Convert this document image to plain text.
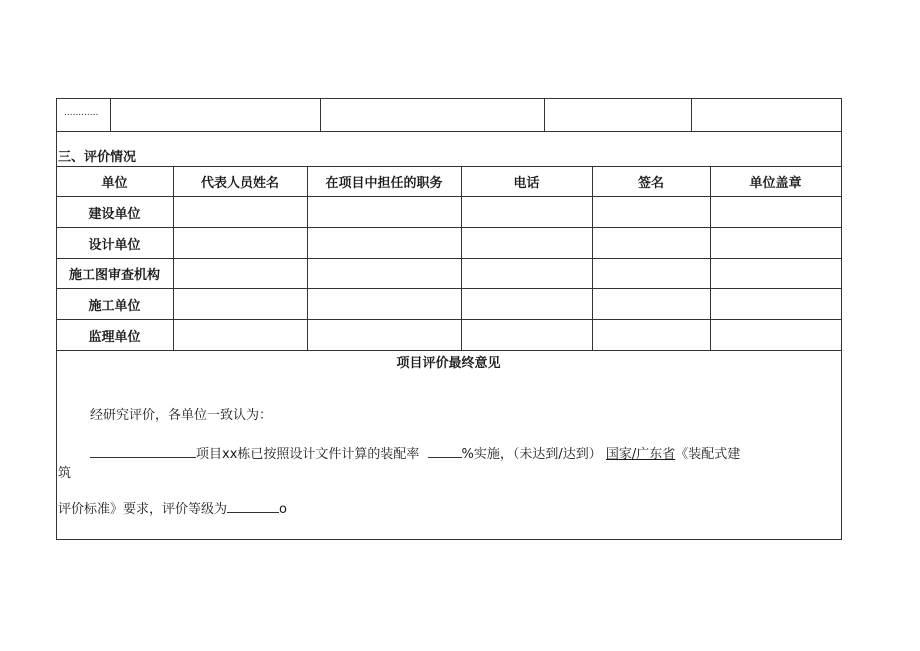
............
三、评价情况
单位	代表人员姓名	在项目中担任的职务	电话	签名	单位盖章
建设单位
设计单位
施工图审查机构
施工单位
监理单位
项目评价最终意见
经研究评价，各单位一致认为：
项目xx栋已按照设计文件计算的装配率	%实施，（未达到/达到） 国家/广东省《装配式建
筑
评价标准》要求，评价等级为	o
